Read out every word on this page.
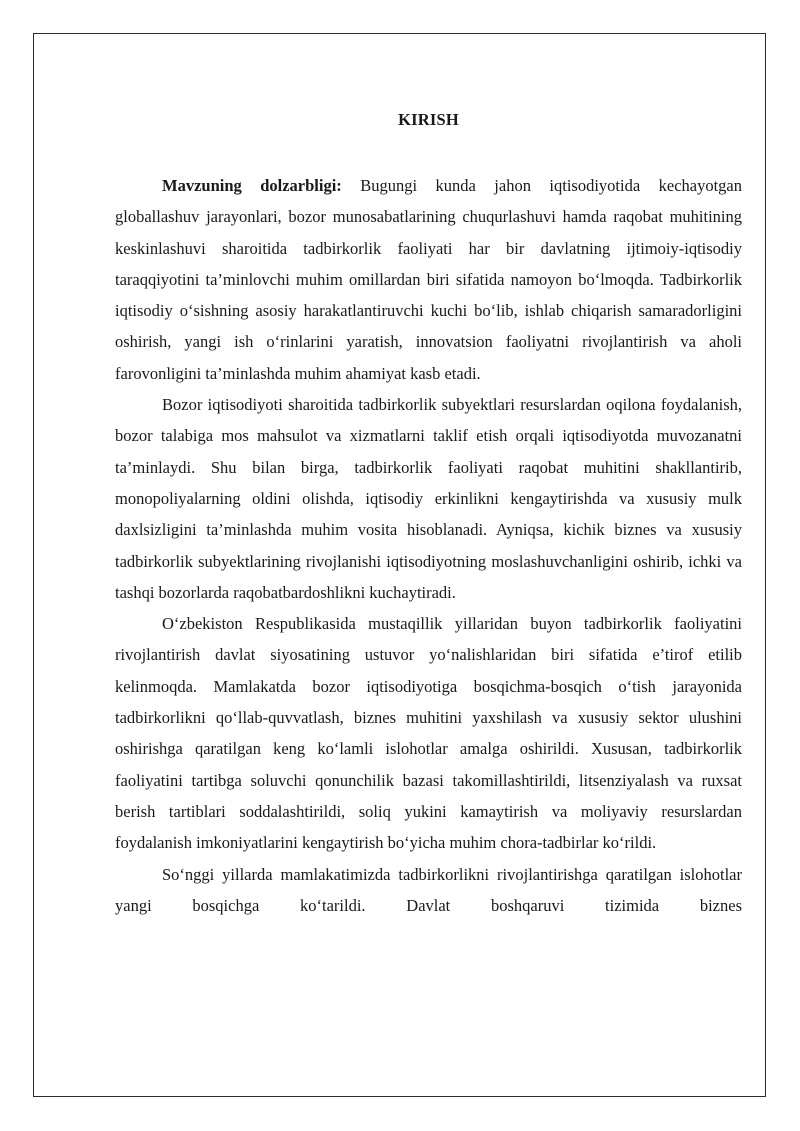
KIRISH

Mavzuning dolzarbligi: Bugungi kunda jahon iqtisodiyotida kechayotgan globallashuv jarayonlari, bozor munosabatlarining chuqurlashuvi hamda raqobat muhitining keskinlashuvi sharoitida tadbirkorlik faoliyati har bir davlatning ijtimoiy-iqtisodiy taraqqiyotini ta’minlovchi muhim omillardan biri sifatida namoyon bo‘lmoqda. Tadbirkorlik iqtisodiy o‘sishning asosiy harakatlantiruvchi kuchi bo‘lib, ishlab chiqarish samaradorligini oshirish, yangi ish o‘rinlarini yaratish, innovatsion faoliyatni rivojlantirish va aholi farovonligini ta’minlashda muhim ahamiyat kasb etadi.

Bozor iqtisodiyoti sharoitida tadbirkorlik subyektlari resurslardan oqilona foydalanish, bozor talabiga mos mahsulot va xizmatlarni taklif etish orqali iqtisodiyotda muvozanatni ta’minlaydi. Shu bilan birga, tadbirkorlik faoliyati raqobat muhitini shakllantirib, monopoliyalarning oldini olishda, iqtisodiy erkinlikni kengaytirishda va xususiy mulk daxlsizligini ta’minlashda muhim vosita hisoblanadi. Ayniqsa, kichik biznes va xususiy tadbirkorlik subyektlarining rivojlanishi iqtisodiyotning moslashuvchanligini oshirib, ichki va tashqi bozorlarda raqobatbardoshlikni kuchaytiradi.

O‘zbekiston Respublikasida mustaqillik yillaridan buyon tadbirkorlik faoliyatini rivojlantirish davlat siyosatining ustuvor yo‘nalishlaridan biri sifatida e’tirof etilib kelinmoqda. Mamlakatda bozor iqtisodiyotiga bosqichma-bosqich o‘tish jarayonida tadbirkorlikni qo‘llab-quvvatlash, biznes muhitini yaxshilash va xususiy sektor ulushini oshirishga qaratilgan keng ko‘lamli islohotlar amalga oshirildi. Xususan, tadbirkorlik faoliyatini tartibga soluvchi qonunchilik bazasi takomillashtirildi, litsenziyalash va ruxsat berish tartiblari soddalashtirildi, soliq yukini kamaytirish va moliyaviy resurslardan foydalanish imkoniyatlarini kengaytirish bo‘yicha muhim chora-tadbirlar ko‘rildi.

So‘nggi yillarda mamlakatimizda tadbirkorlikni rivojlantirishga qaratilgan islohotlar yangi bosqichga ko‘tarildi. Davlat boshqaruvi tizimida biznes
